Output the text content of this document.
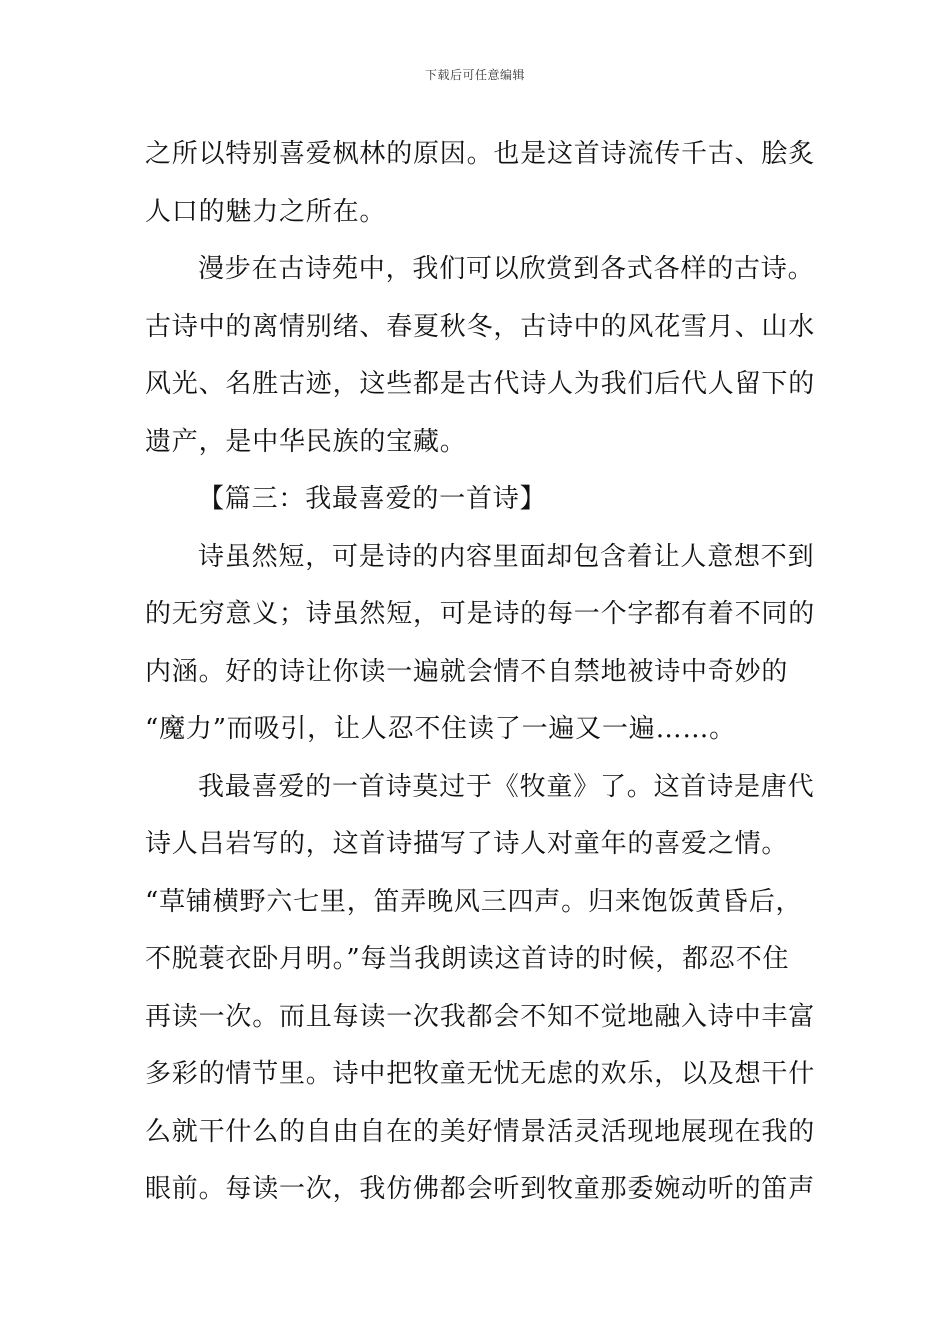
下载后可任意编辑
之所以特别喜爱枫林的原因。也是这首诗流传千古、脍炙
人口的魅力之所在。
漫步在古诗苑中，我们可以欣赏到各式各样的古诗。
古诗中的离情别绪、春夏秋冬，古诗中的风花雪月、山水
风光、名胜古迹，这些都是古代诗人为我们后代人留下的
遗产，是中华民族的宝藏。
【篇三：我最喜爱的一首诗】
诗虽然短，可是诗的内容里面却包含着让人意想不到
的无穷意义；诗虽然短，可是诗的每一个字都有着不同的
内涵。好的诗让你读一遍就会情不自禁地被诗中奇妙的
“魔力”而吸引，让人忍不住读了一遍又一遍……。
我最喜爱的一首诗莫过于《牧童》了。这首诗是唐代
诗人吕岩写的，这首诗描写了诗人对童年的喜爱之情。
“草铺横野六七里，笛弄晚风三四声。归来饱饭黄昏后，
不脱蓑衣卧月明。”每当我朗读这首诗的时候，都忍不住
再读一次。而且每读一次我都会不知不觉地融入诗中丰富
多彩的情节里。诗中把牧童无忧无虑的欢乐，以及想干什
么就干什么的自由自在的美好情景活灵活现地展现在我的
眼前。每读一次，我仿佛都会听到牧童那委婉动听的笛声
